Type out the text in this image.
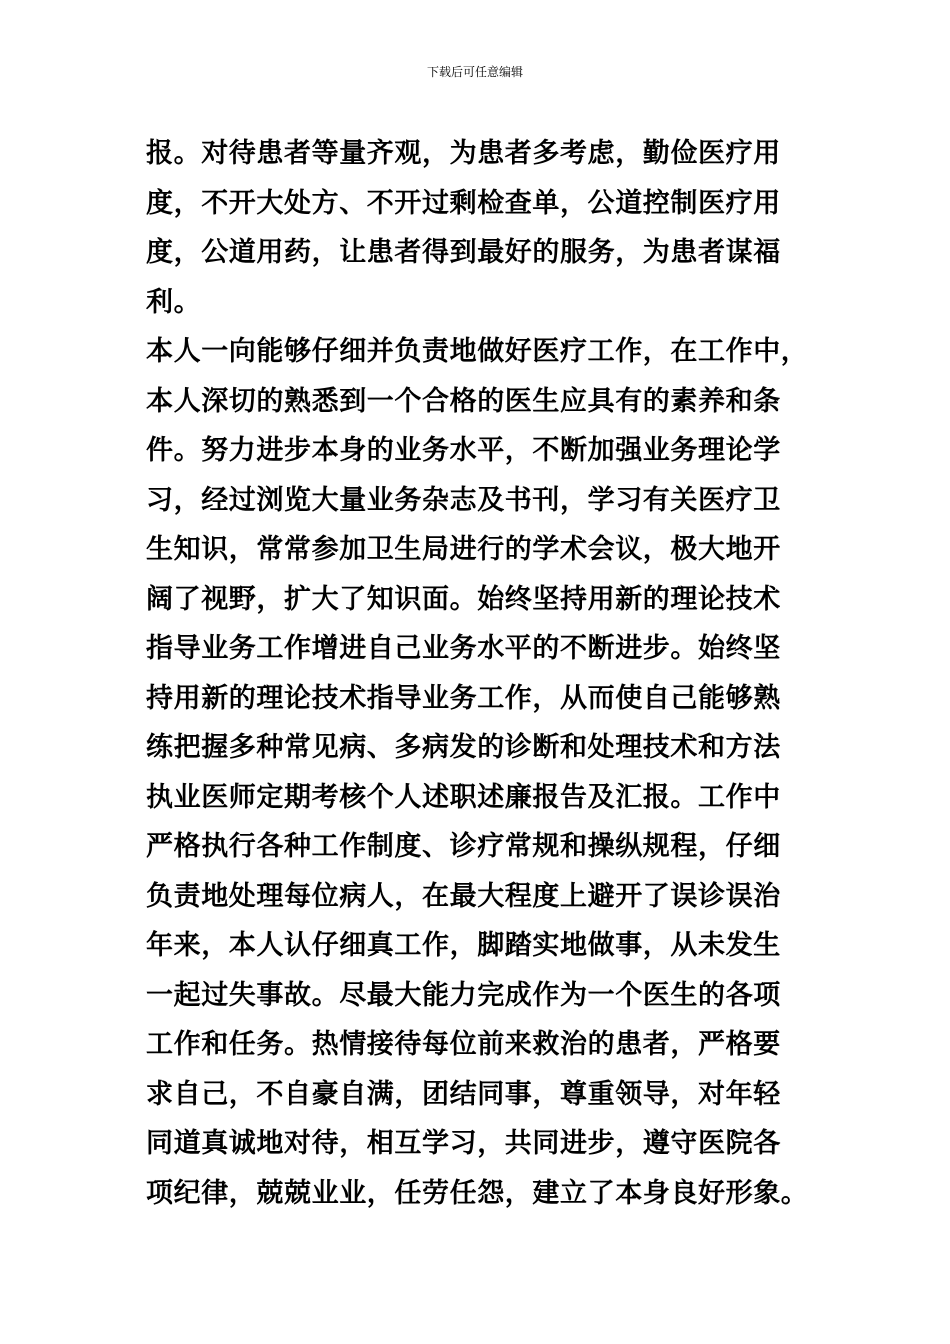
下载后可任意编辑
报。对待患者等量齐观，为患者多考虑，勤俭医疗用
度，不开大处方、不开过剩检查单，公道控制医疗用
度，公道用药，让患者得到最好的服务，为患者谋福
利。
本人一向能够仔细并负责地做好医疗工作，在工作中，
本人深切的熟悉到一个合格的医生应具有的素养和条
件。努力进步本身的业务水平，不断加强业务理论学
习，经过浏览大量业务杂志及书刊，学习有关医疗卫
生知识，常常参加卫生局进行的学术会议，极大地开
阔了视野，扩大了知识面。始终坚持用新的理论技术
指导业务工作增进自己业务水平的不断进步。始终坚
持用新的理论技术指导业务工作，从而使自己能够熟
练把握多种常见病、多病发的诊断和处理技术和方法
执业医师定期考核个人述职述廉报告及汇报。工作中
严格执行各种工作制度、诊疗常规和操纵规程，仔细
负责地处理每位病人，在最大程度上避开了误诊误治
年来，本人认仔细真工作，脚踏实地做事，从未发生
一起过失事故。尽最大能力完成作为一个医生的各项
工作和任务。热情接待每位前来救治的患者，严格要
求自己，不自豪自满，团结同事，尊重领导，对年轻
同道真诚地对待，相互学习，共同进步，遵守医院各
项纪律，兢兢业业，任劳任怨，建立了本身良好形象。
